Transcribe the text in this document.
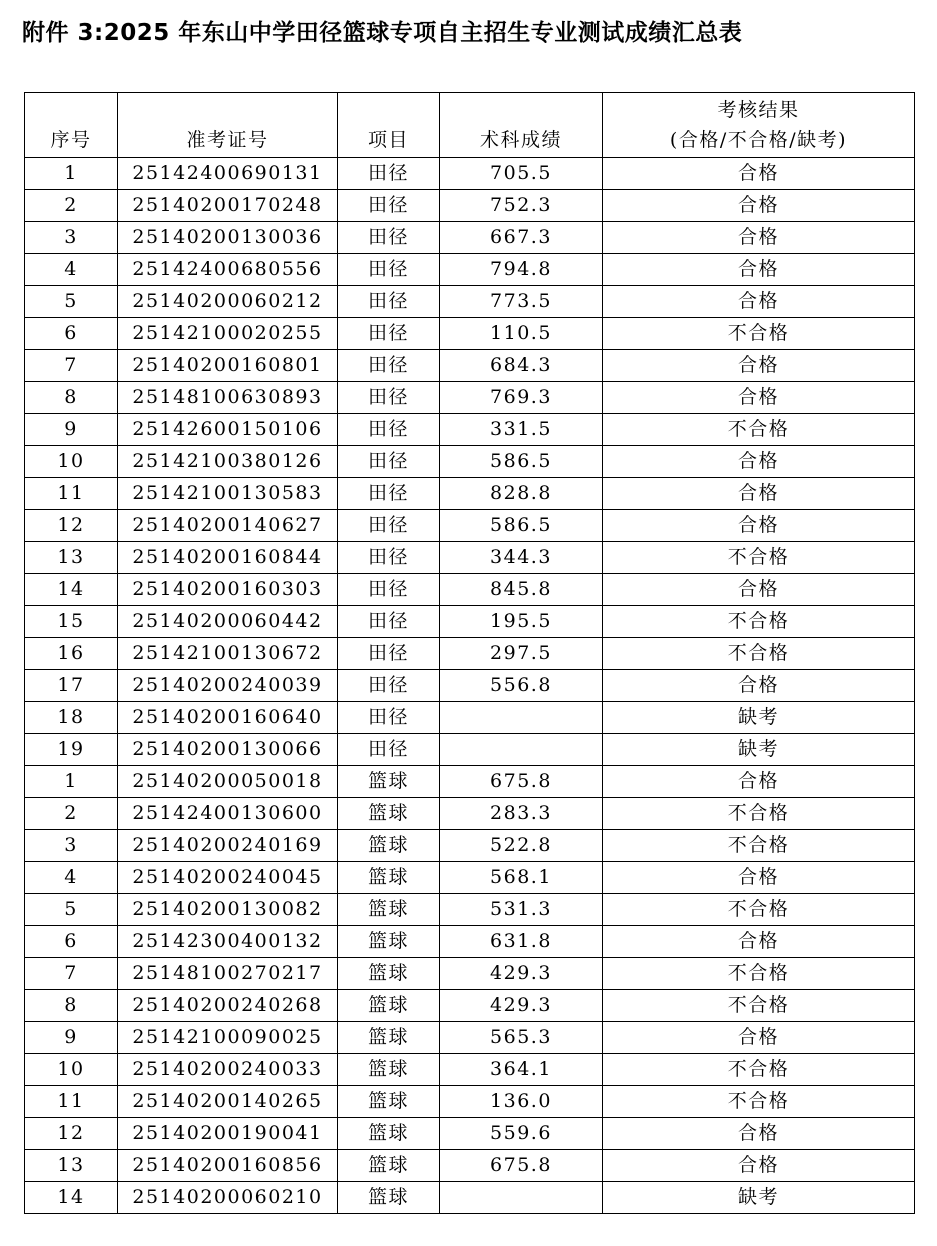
附件 3:2025 年东山中学田径篮球专项自主招生专业测试成绩汇总表
序号	准考证号	项目	术科成绩	考核结果
(合格/不合格/缺考)

1	25142400690131	田径	705.5	合格
2	25140200170248	田径	752.3	合格
3	25140200130036	田径	667.3	合格
4	25142400680556	田径	794.8	合格
5	25140200060212	田径	773.5	合格
6	25142100020255	田径	110.5	不合格
7	25140200160801	田径	684.3	合格
8	25148100630893	田径	769.3	合格
9	25142600150106	田径	331.5	不合格
10	25142100380126	田径	586.5	合格
11	25142100130583	田径	828.8	合格
12	25140200140627	田径	586.5	合格
13	25140200160844	田径	344.3	不合格
14	25140200160303	田径	845.8	合格
15	25140200060442	田径	195.5	不合格
16	25142100130672	田径	297.5	不合格
17	25140200240039	田径	556.8	合格
18	25140200160640	田径		缺考
19	25140200130066	田径		缺考
1	25140200050018	篮球	675.8	合格
2	25142400130600	篮球	283.3	不合格
3	25140200240169	篮球	522.8	不合格
4	25140200240045	篮球	568.1	合格
5	25140200130082	篮球	531.3	不合格
6	25142300400132	篮球	631.8	合格
7	25148100270217	篮球	429.3	不合格
8	25140200240268	篮球	429.3	不合格
9	25142100090025	篮球	565.3	合格
10	25140200240033	篮球	364.1	不合格
11	25140200140265	篮球	136.0	不合格
12	25140200190041	篮球	559.6	合格
13	25140200160856	篮球	675.8	合格
14	25140200060210	篮球		缺考
